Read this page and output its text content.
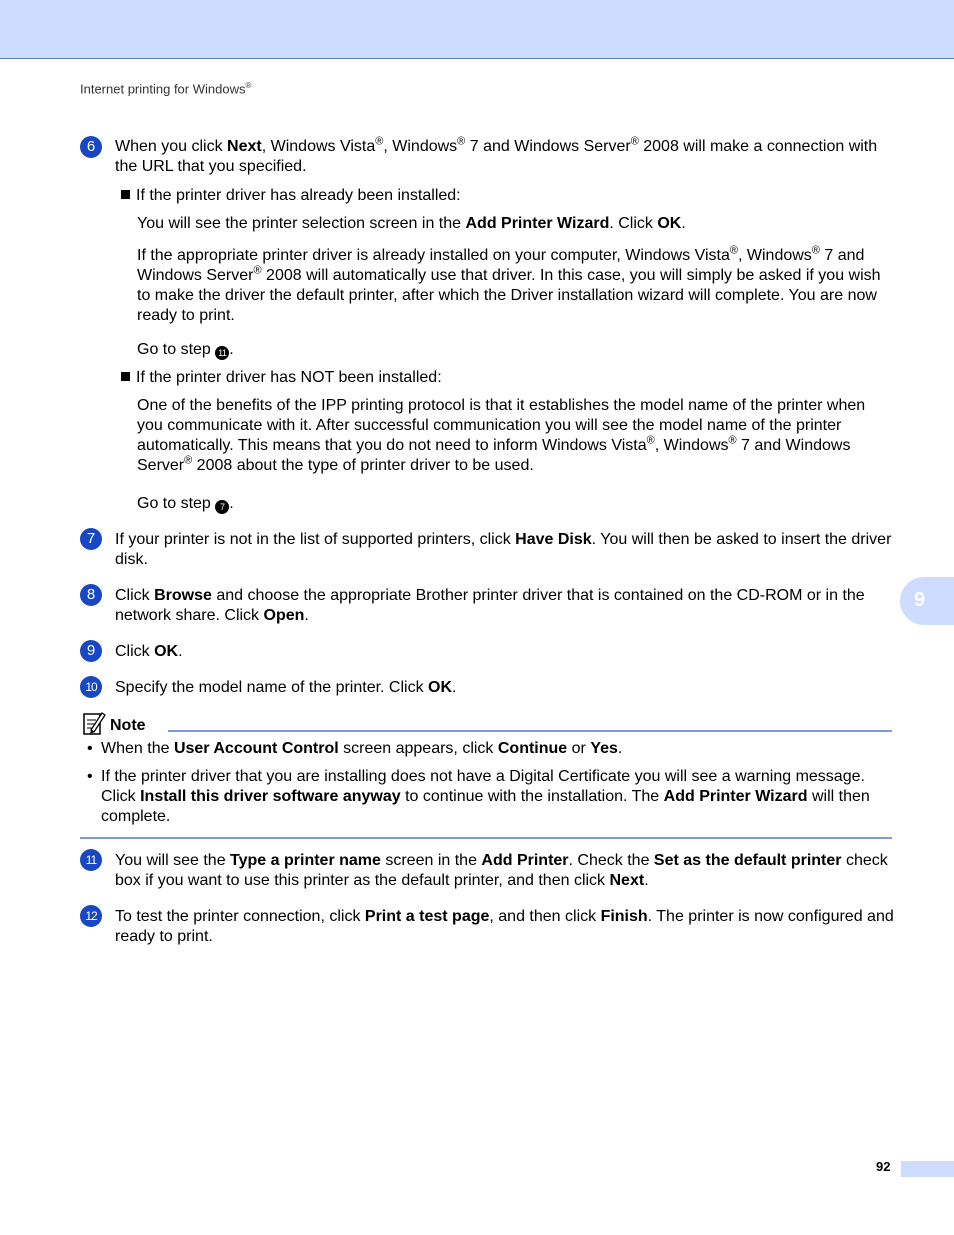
Internet printing for Windows®
9
6	When you click Next, Windows Vista®, Windows® 7 and Windows Server® 2008 will make a connection with the URL that you specified.
If the printer driver has already been installed:
You will see the printer selection screen in the Add Printer Wizard. Click OK.
If the appropriate printer driver is already installed on your computer, Windows Vista®, Windows® 7 and Windows Server® 2008 will automatically use that driver. In this case, you will simply be asked if you wish to make the driver the default printer, after which the Driver installation wizard will complete. You are now ready to print.
Go to step 11 .
If the printer driver has NOT been installed:
One of the benefits of the IPP printing protocol is that it establishes the model name of the printer when you communicate with it. After successful communication you will see the model name of the printer automatically. This means that you do not need to inform Windows Vista®, Windows® 7 and Windows Server® 2008 about the type of printer driver to be used.
Go to step 7 .
7	If your printer is not in the list of supported printers, click Have Disk. You will then be asked to insert the driver disk.
8	Click Browse and choose the appropriate Brother printer driver that is contained on the CD-ROM or in the network share. Click Open.
9	Click OK.
10	Specify the model name of the printer. Click OK.
Note
• When the User Account Control screen appears, click Continue or Yes.
• If the printer driver that you are installing does not have a Digital Certificate you will see a warning message. Click Install this driver software anyway to continue with the installation. The Add Printer Wizard will then complete.
11	You will see the Type a printer name screen in the Add Printer. Check the Set as the default printer check box if you want to use this printer as the default printer, and then click Next.
12	To test the printer connection, click Print a test page, and then click Finish. The printer is now configured and ready to print.
92
